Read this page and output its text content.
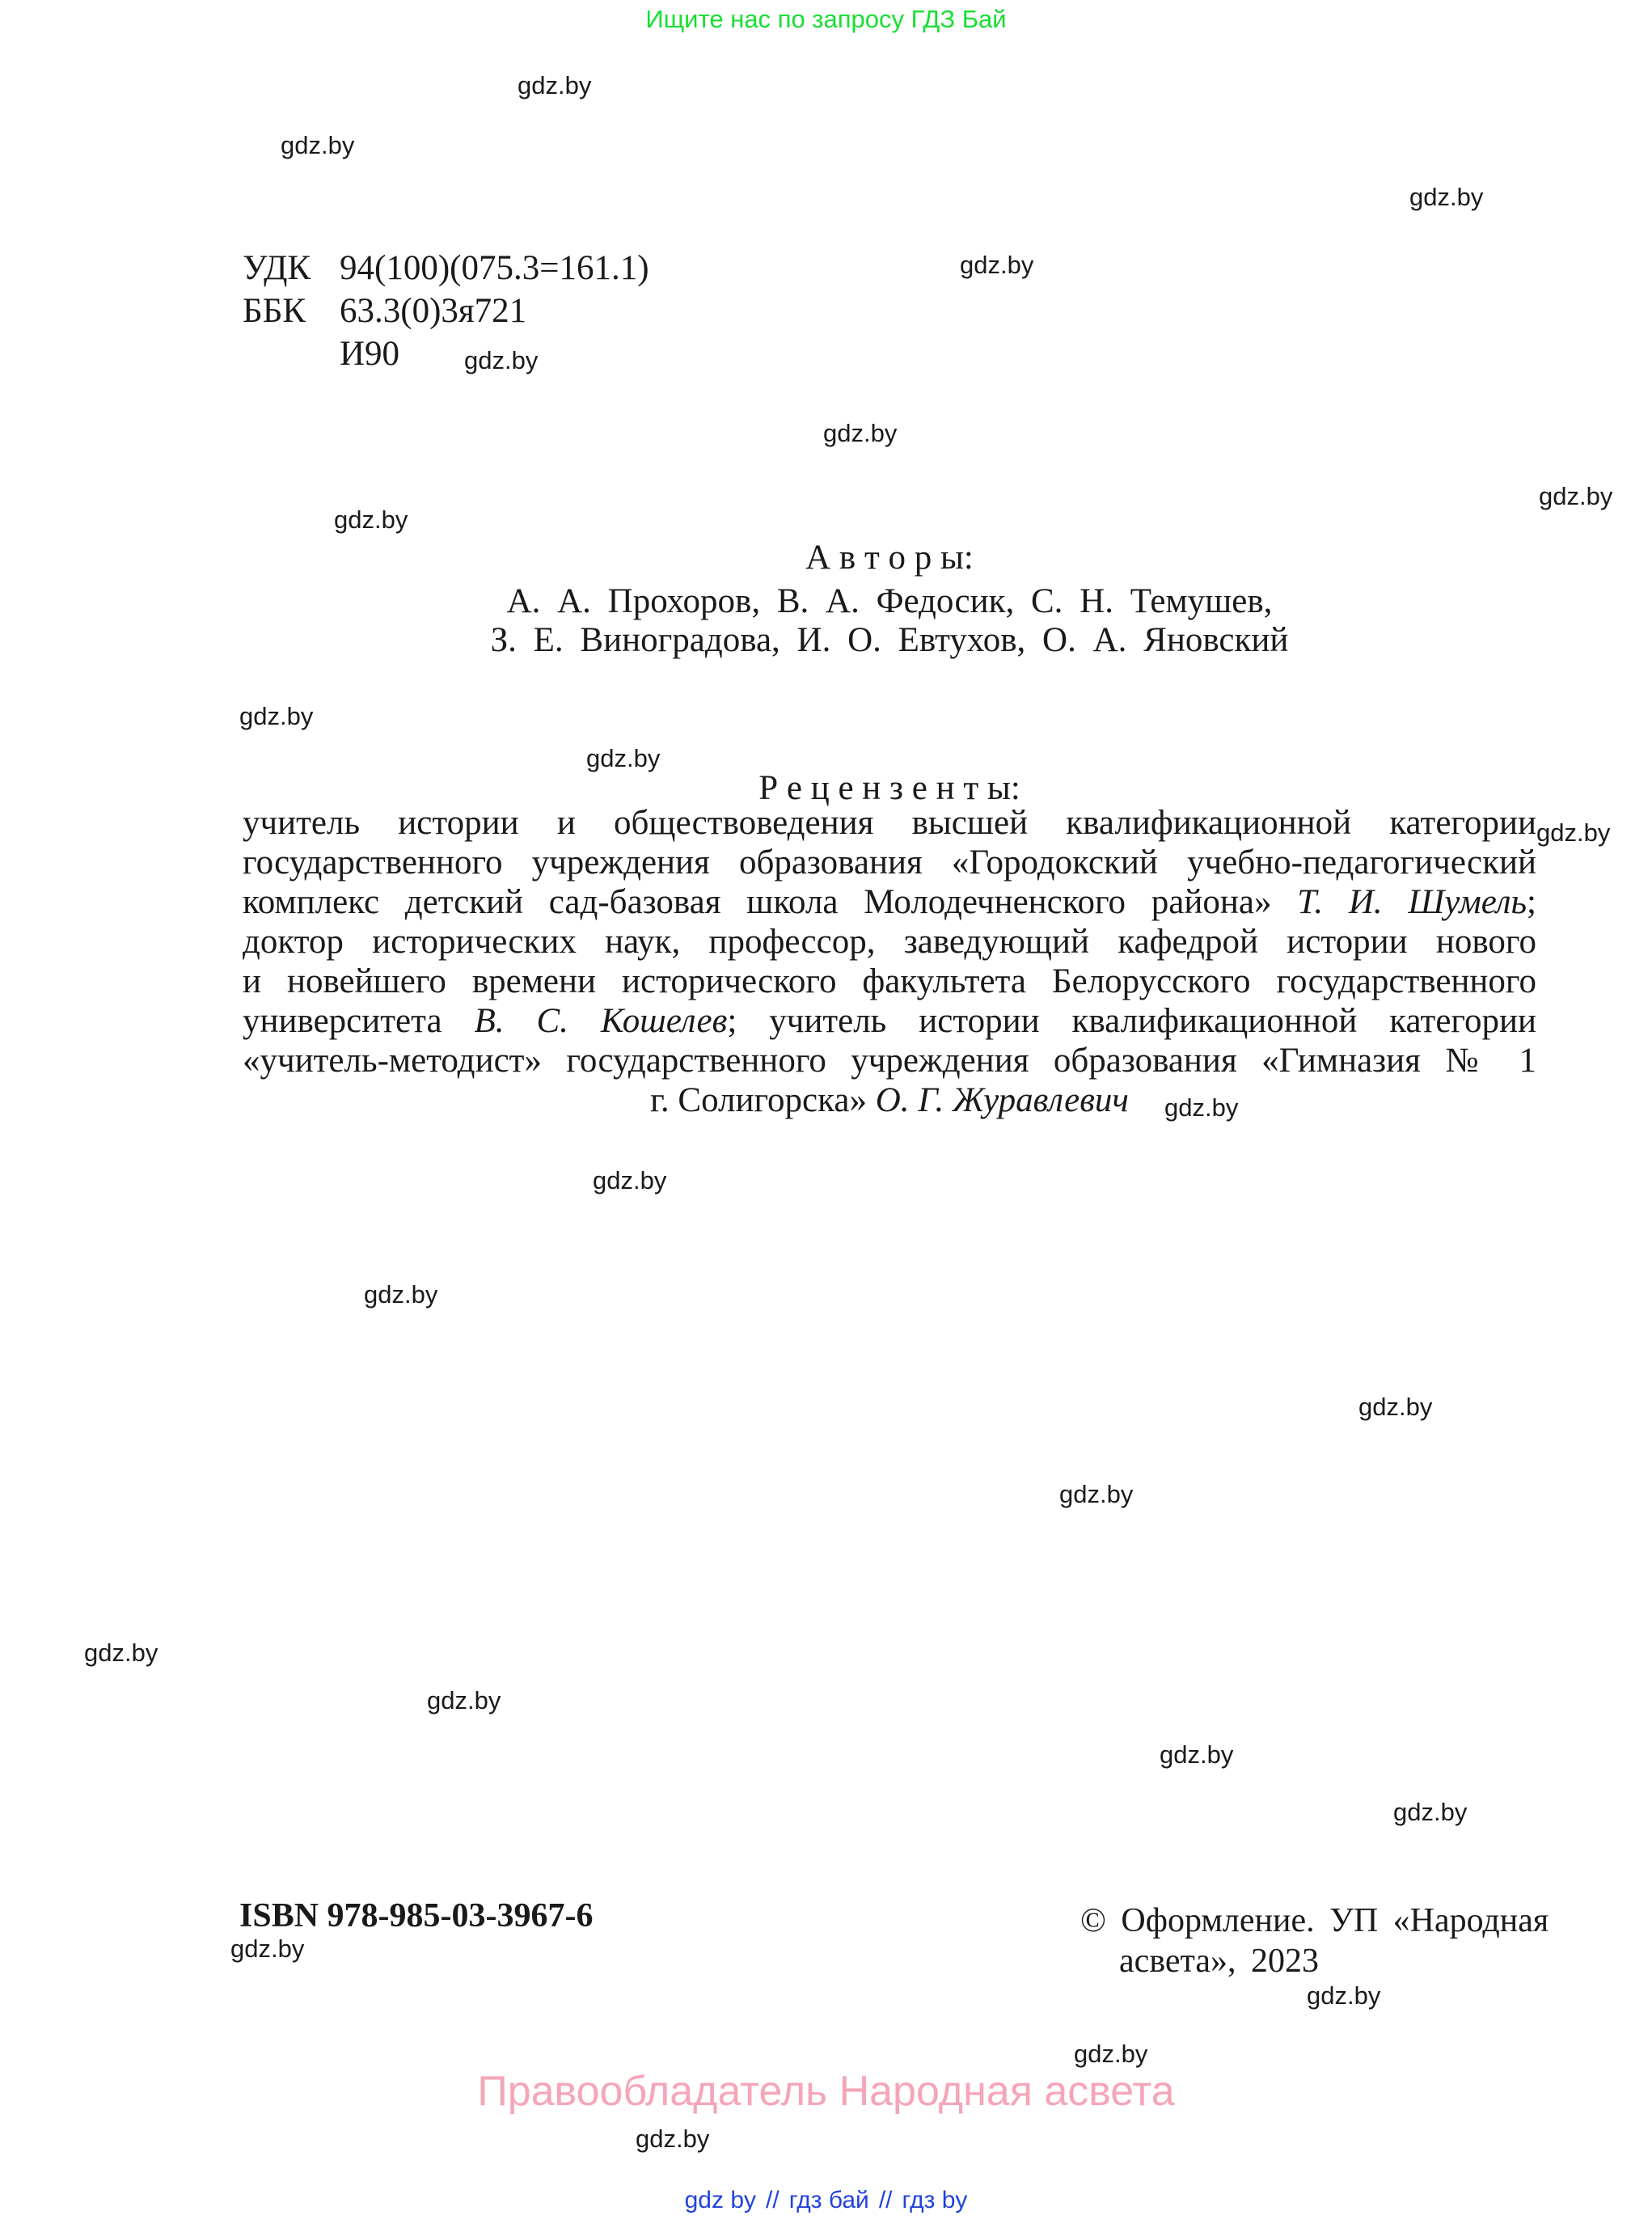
Ищите нас по запросу ГДЗ Бай
gdz.by
gdz.by
gdz.by
gdz.by
gdz.by
gdz.by
gdz.by
gdz.by
gdz.by
gdz.by
gdz.by
gdz.by
gdz.by
gdz.by
gdz.by
gdz.by
gdz.by
gdz.by
gdz.by
gdz.by
gdz.by
gdz.by
gdz.by
gdz.by
УДК 94(100)(075.3=161.1)
ББК 63.3(0)3я721
И90
А в т о р ы:
А. А. Прохоров, В. А. Федосик, С. Н. Темушев,
З. Е. Виноградова, И. О. Евтухов, О. А. Яновский
Р е ц е н з е н т ы:
учитель истории и обществоведения высшей квалификационной категории
государственного учреждения образования «Городокский учебно-педагогический
комплекс детский сад-базовая школа Молодечненского района» Т. И. Шумель;
доктор исторических наук, профессор, заведующий кафедрой истории нового
и новейшего времени исторического факультета Белорусского государственного
университета В. С. Кошелев; учитель истории квалификационной категории
«учитель-методист» государственного учреждения образования «Гимназия № 1
г. Солигорска» О. Г. Журавлевич
ISBN 978-985-03-3967-6	© Оформление. УП «Народная
асвета», 2023
Правообладатель Народная асвета
gdz by // гдз бай // гдз by
